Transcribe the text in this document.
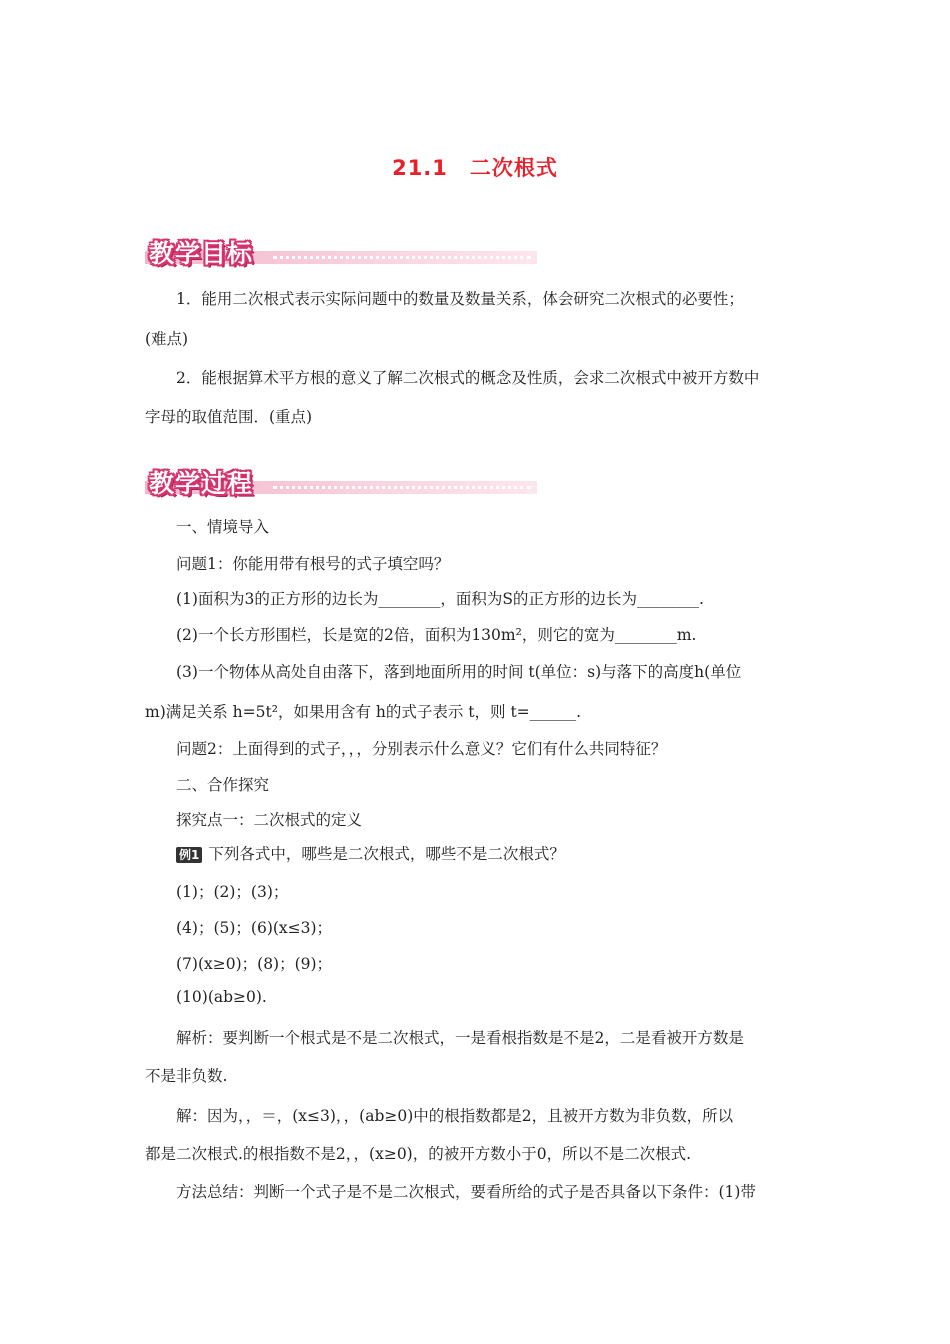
21.1　二次根式
教学目标
1．能用二次根式表示实际问题中的数量及数量关系，体会研究二次根式的必要性；
(难点)
2．能根据算术平方根的意义了解二次根式的概念及性质，会求二次根式中被开方数中
字母的取值范围．(重点)
教学过程
一、情境导入
问题1：你能用带有根号的式子填空吗？
(1)面积为3的正方形的边长为________，面积为S的正方形的边长为________.
(2)一个长方形围栏，长是宽的2倍，面积为130m²，则它的宽为________m.
(3)一个物体从高处自由落下，落到地面所用的时间 t(单位：s)与落下的高度h(单位
m)满足关系 h=5t²，如果用含有 h的式子表示 t，则 t=______.
问题2：上面得到的式子，，，分别表示什么意义？它们有什么共同特征？
二、合作探究
探究点一：二次根式的定义
例1 下列各式中，哪些是二次根式，哪些不是二次根式？
(1)；(2)；(3)；
(4)；(5)；(6)(x≤3)；
(7)(x≥0)；(8)；(9)；
(10)(ab≥0).
解析：要判断一个根式是不是二次根式，一是看根指数是不是2，二是看被开方数是
不是非负数.
解：因为，，＝，(x≤3)，，(ab≥0)中的根指数都是2，且被开方数为非负数，所以
都是二次根式.的根指数不是2，，(x≥0)，的被开方数小于0，所以不是二次根式.
方法总结：判断一个式子是不是二次根式，要看所给的式子是否具备以下条件：(1)带
